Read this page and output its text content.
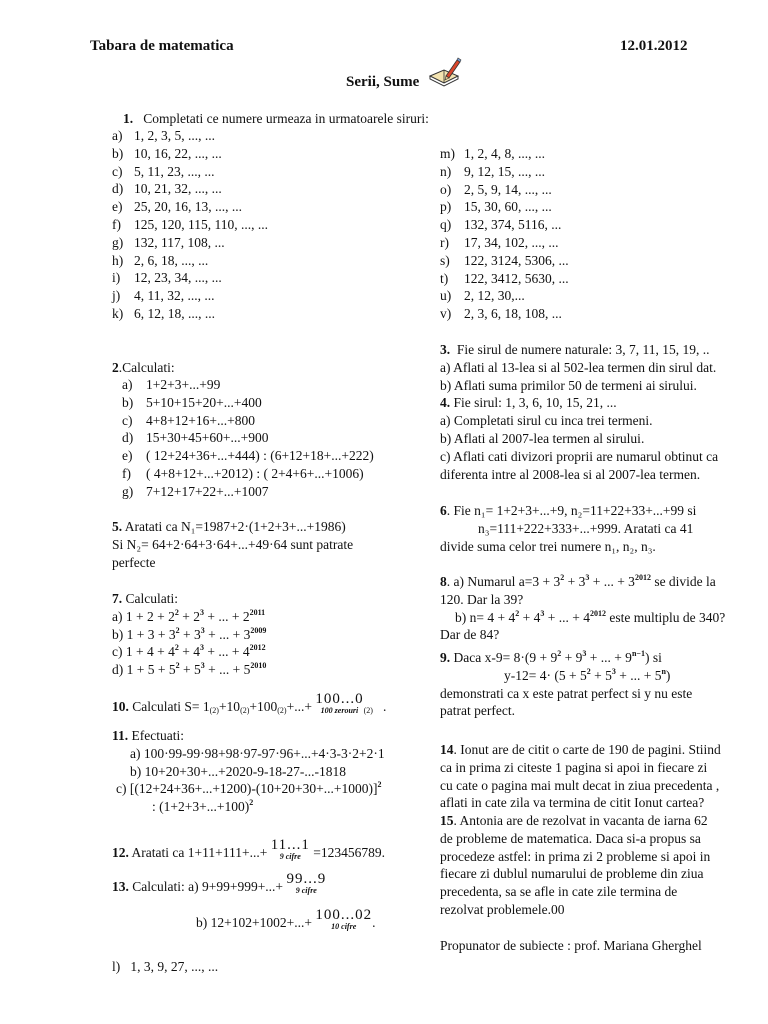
Tabara de matematica	12.01.2012
Serii, Sume
1. Completati ce numere urmeaza in urmatoarele siruri:
a) 1, 2, 3, 5, ..., ...
b) 10, 16, 22, ..., ...
c) 5, 11, 23, ..., ...
d) 10, 21, 32, ..., ...
e) 25, 20, 16, 13, ..., ...
f) 125, 120, 115, 110, ..., ...
g) 132, 117, 108, ...
h) 2, 6, 18, ..., ...
i) 12, 23, 34, ..., ...
j) 4, 11, 32, ..., ...
k) 6, 12, 18, ..., ...
m) 1, 2, 4, 8, ..., ...
n) 9, 12, 15, ..., ...
o) 2, 5, 9, 14, ..., ...
p) 15, 30, 60, ..., ...
q) 132, 374, 5116, ...
r) 17, 34, 102, ..., ...
s) 122, 3124, 5306, ...
t) 122, 3412, 5630, ...
u) 2, 12, 30,...
v) 2, 3, 6, 18, 108, ...
2.Calculati:
a) 1+2+3+...+99
b) 5+10+15+20+...+400
c) 4+8+12+16+...+800
d) 15+30+45+60+...+900
e) ( 12+24+36+...+444) : (6+12+18+...+222)
f) ( 4+8+12+...+2012) : ( 2+4+6+...+1006)
g) 7+12+17+22+...+1007
5. Aratati ca N₁=1987+2·(1+2+3+...+1986)
Si N₂= 64+2·64+3·64+...+49·64 sunt patrate
perfecte
7. Calculati:
a) $1 + 2 + 2^2 + 2^3$ + ... + $2^{2011}$
b) $1 + 3 + 3^2 + 3^3$ + ... + $3^{2009}$
c) $1 + 4 + 4^2 + 4^3$ + ... + $4^{2012}$
d) $1 + 5 + 5^2 + 5^3$ + ... + $5^{2010}$
10. Calculati $S= 1_{(2)}+10_{(2)}+100_{(2)}+...+ 100...0$
100 zerouri $_{(2)}$ .
11. Efectuati:
a) 100·99-99·98+98·97-97·96+...+4·3-3·2+2·1
b) 10+20+30+...+2020-9-18-27-...-1818
c) $[(12+24+36+...+1200)-(10+20+30+...+1000)]^2$
: $(1+2+3+...+100)^2$
12. Aratati ca 1+11+111+...+ 11...1
9 cifre =123456789.
13. Calculati: a) 9+99+999+...+ 99...9
9 cifre
b) 12+102+1002+...+ 100...02
10 cifre	.
l) 1, 3, 9, 27, ..., ...
3. Fie sirul de numere naturale: 3, 7, 11, 15, 19, ..
a) Aflati al 13-lea si al 502-lea termen din sirul dat.
b) Aflati suma primilor 50 de termeni ai sirului.
4. Fie sirul: 1, 3, 6, 10, 15, 21, ...
a) Completati sirul cu inca trei termeni.
b) Aflati al 2007-lea termen al sirului.
c) Aflati cati divizori proprii are numarul obtinut ca
diferenta intre al 2008-lea si al 2007-lea termen.
6. Fie n₁= 1+2+3+...+9, n₂=11+22+33+...+99 si
n₃=111+222+333+...+999. Aratati ca 41
divide suma celor trei numere n₁, n₂, n₃.
8. a) Numarul $a=3 + 3^2 + 3^3$ + ... + $3^{2012}$ se divide la
120. Dar la 39?
b) $n= 4 + 4^2 + 4^3$ + ... + $4^{2012}$ este multiplu de 340?
Dar de 84?
9. Daca $x-9= 8\cdot(9 + 9^2 + 9^3$ + ... + $9^{n-1}$) si
$y-12= 4\cdot (5 + 5^2 + 5^3$ + ... + $5^n$)
demonstrati ca x este patrat perfect si y nu este
patrat perfect.
14. Ionut are de citit o carte de 190 de pagini. Stiind
ca in prima zi citeste 1 pagina si apoi in fiecare zi
cu cate o pagina mai mult decat in ziua precedenta ,
aflati in cate zila va termina de citit Ionut cartea?
15. Antonia are de rezolvat in vacanta de iarna 62
de probleme de matematica. Daca si-a propus sa
procedeze astfel: in prima zi 2 probleme si apoi in
fiecare zi dublul numarului de probleme din ziua
precedenta, sa se afle in cate zile termina de
rezolvat problemele.00
Propunator de subiecte : prof. Mariana Gherghel
